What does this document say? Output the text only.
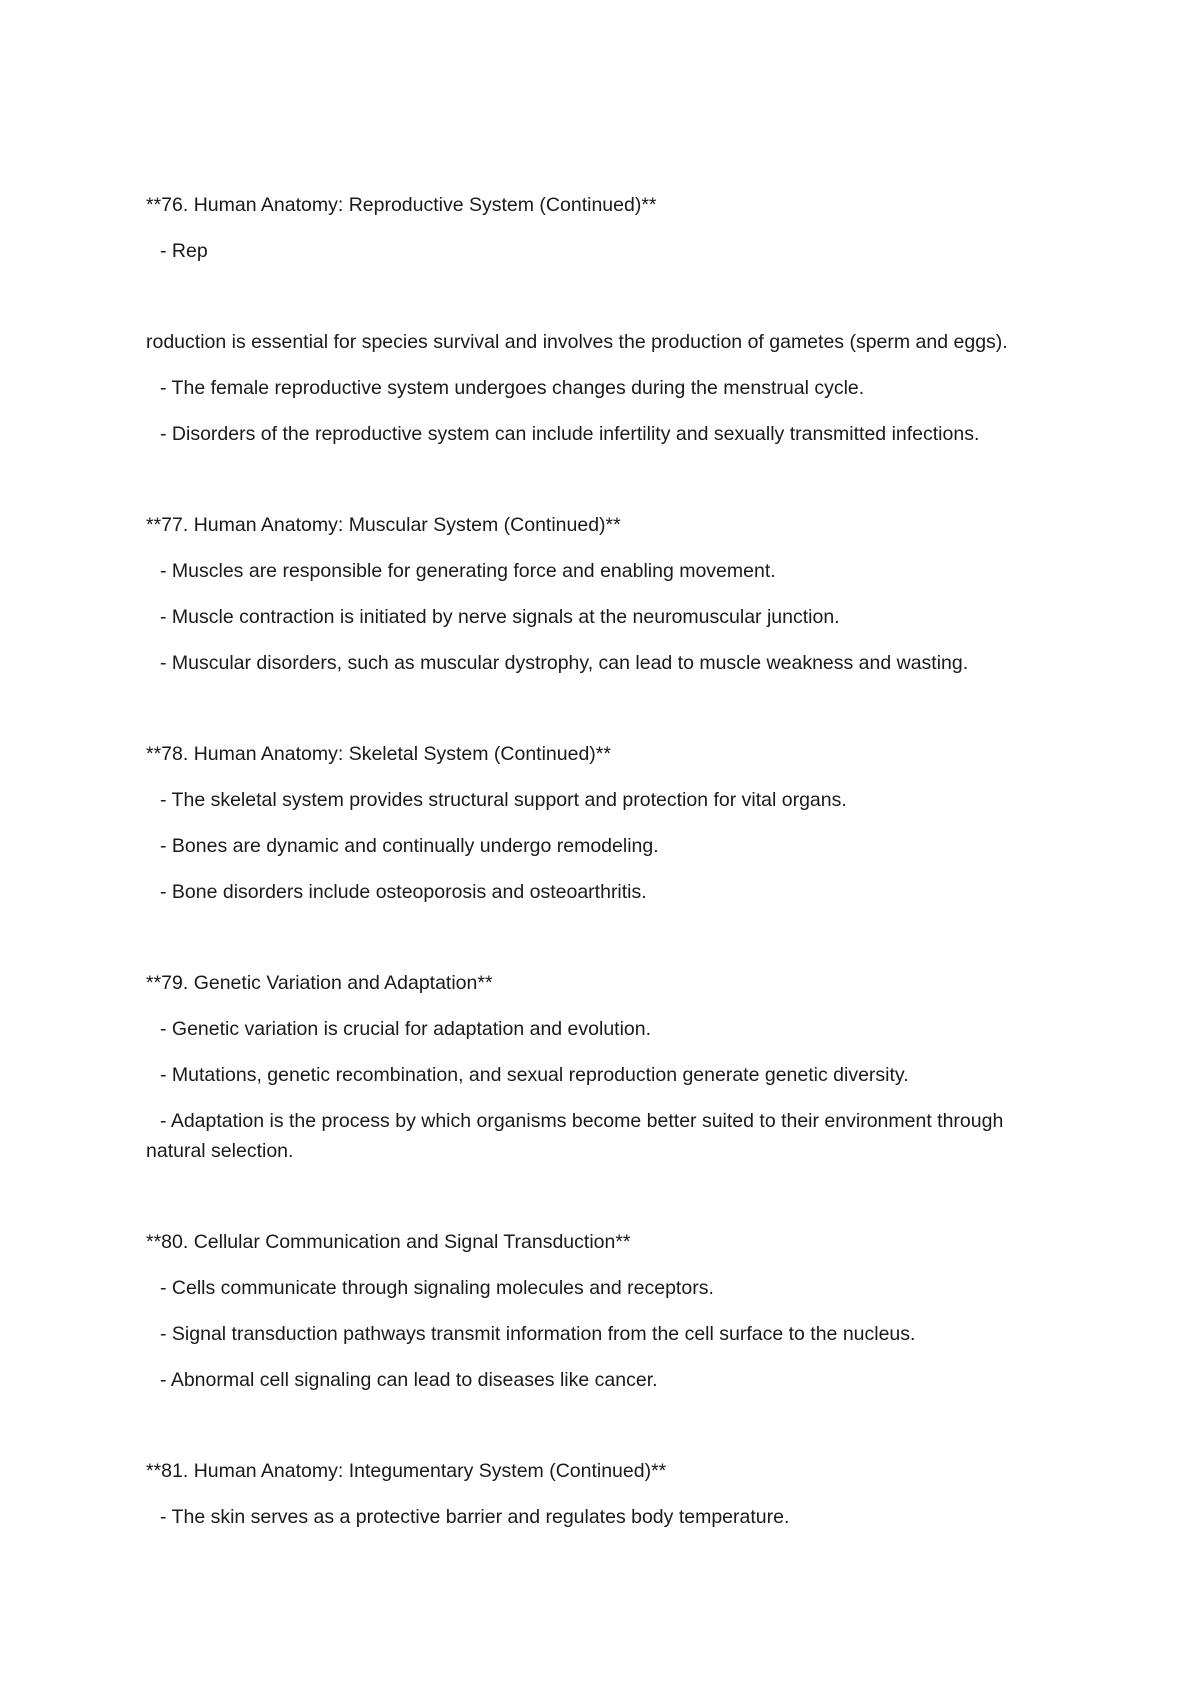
**76. Human Anatomy: Reproductive System (Continued)**
- Rep
roduction is essential for species survival and involves the production of gametes (sperm and eggs).
- The female reproductive system undergoes changes during the menstrual cycle.
- Disorders of the reproductive system can include infertility and sexually transmitted infections.
**77. Human Anatomy: Muscular System (Continued)**
- Muscles are responsible for generating force and enabling movement.
- Muscle contraction is initiated by nerve signals at the neuromuscular junction.
- Muscular disorders, such as muscular dystrophy, can lead to muscle weakness and wasting.
**78. Human Anatomy: Skeletal System (Continued)**
- The skeletal system provides structural support and protection for vital organs.
- Bones are dynamic and continually undergo remodeling.
- Bone disorders include osteoporosis and osteoarthritis.
**79. Genetic Variation and Adaptation**
- Genetic variation is crucial for adaptation and evolution.
- Mutations, genetic recombination, and sexual reproduction generate genetic diversity.
- Adaptation is the process by which organisms become better suited to their environment through natural selection.
**80. Cellular Communication and Signal Transduction**
- Cells communicate through signaling molecules and receptors.
- Signal transduction pathways transmit information from the cell surface to the nucleus.
- Abnormal cell signaling can lead to diseases like cancer.
**81. Human Anatomy: Integumentary System (Continued)**
- The skin serves as a protective barrier and regulates body temperature.
